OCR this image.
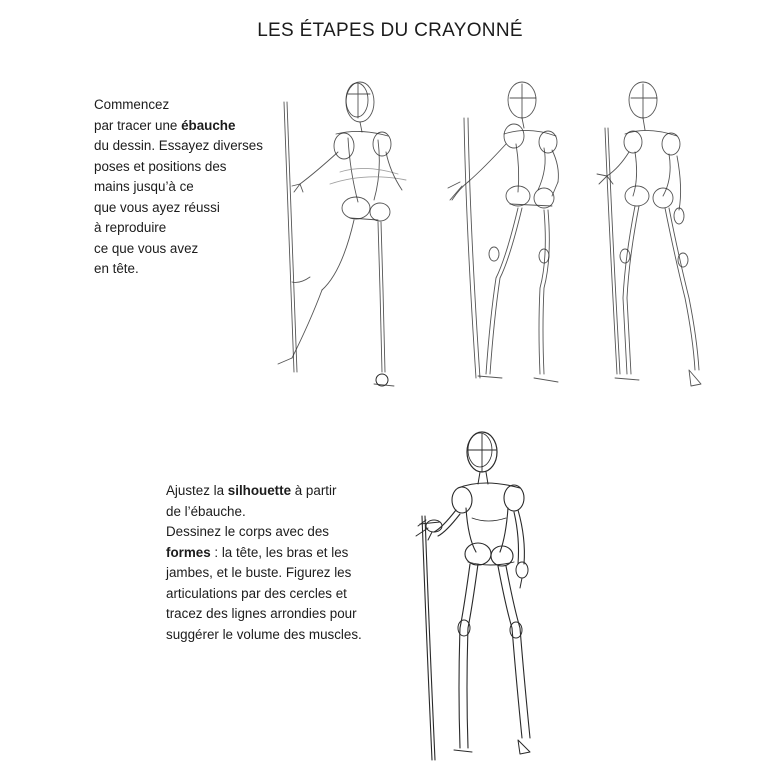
LES ÉTAPES DU CRAYONNÉ
Commencez
par tracer une ébauche
du dessin. Essayez diverses
poses et positions des
mains jusqu’à ce
que vous ayez réussi
à reproduire
ce que vous avez
en tête.
Ajustez la silhouette à partir
de l’ébauche.
Dessinez le corps avec des
formes : la tête, les bras et les
jambes, et le buste. Figurez les
articulations par des cercles et
tracez des lignes arrondies pour
suggérer le volume des muscles.
